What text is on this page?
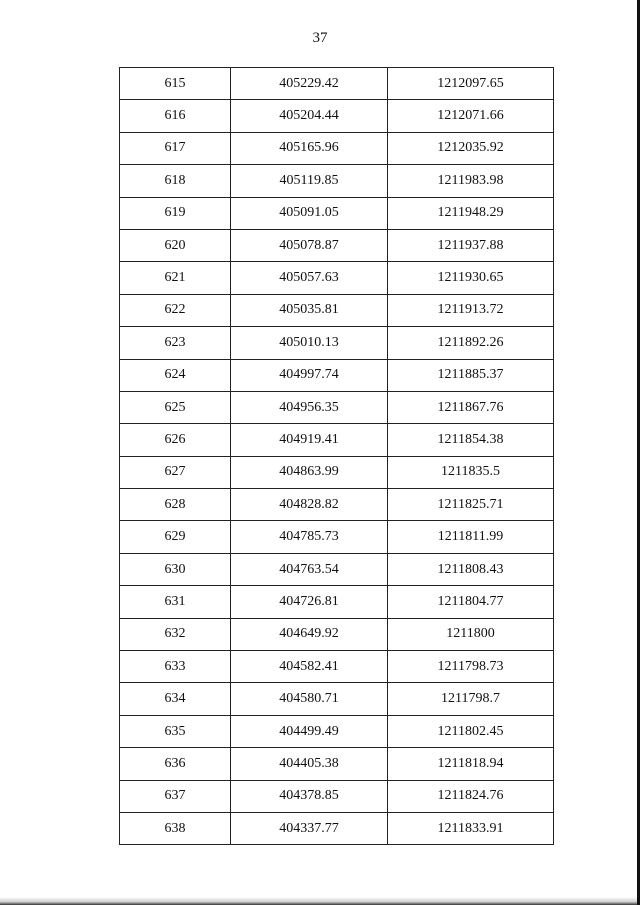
37
615	405229.42	1212097.65
616	405204.44	1212071.66
617	405165.96	1212035.92
618	405119.85	1211983.98
619	405091.05	1211948.29
620	405078.87	1211937.88
621	405057.63	1211930.65
622	405035.81	1211913.72
623	405010.13	1211892.26
624	404997.74	1211885.37
625	404956.35	1211867.76
626	404919.41	1211854.38
627	404863.99	1211835.5
628	404828.82	1211825.71
629	404785.73	1211811.99
630	404763.54	1211808.43
631	404726.81	1211804.77
632	404649.92	1211800
633	404582.41	1211798.73
634	404580.71	1211798.7
635	404499.49	1211802.45
636	404405.38	1211818.94
637	404378.85	1211824.76
638	404337.77	1211833.91
